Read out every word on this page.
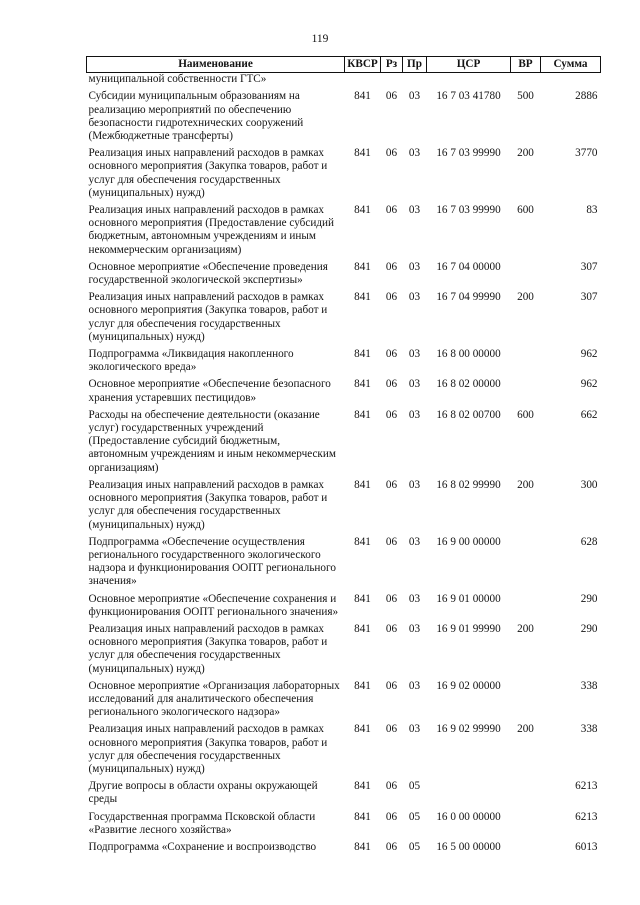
119
Наименование	КВСР	Рз	Пр	ЦСР	ВР	Сумма
муниципальной собственности ГТС»						
Субсидии муниципальным образованиям на реализацию мероприятий по обеспечению безопасности гидротехнических сооружений (Межбюджетные трансферты)	841	06	03	16 7 03 41780	500	2886
Реализация иных направлений расходов в рамках основного мероприятия (Закупка товаров, работ и услуг для обеспечения государственных (муниципальных) нужд)	841	06	03	16 7 03 99990	200	3770
Реализация иных направлений расходов в рамках основного мероприятия (Предоставление субсидий бюджетным, автономным учреждениям и иным некоммерческим организациям)	841	06	03	16 7 03 99990	600	83
Основное мероприятие «Обеспечение проведения государственной экологической экспертизы»	841	06	03	16 7 04 00000		307
Реализация иных направлений расходов в рамках основного мероприятия (Закупка товаров, работ и услуг для обеспечения государственных (муниципальных) нужд)	841	06	03	16 7 04 99990	200	307
Подпрограмма «Ликвидация накопленного экологического вреда»	841	06	03	16 8 00 00000		962
Основное мероприятие «Обеспечение безопасного хранения устаревших пестицидов»	841	06	03	16 8 02 00000		962
Расходы на обеспечение деятельности (оказание услуг) государственных учреждений (Предоставление субсидий бюджетным, автономным учреждениям и иным некоммерческим организациям)	841	06	03	16 8 02 00700	600	662
Реализация иных направлений расходов в рамках основного мероприятия (Закупка товаров, работ и услуг для обеспечения государственных (муниципальных) нужд)	841	06	03	16 8 02 99990	200	300
Подпрограмма «Обеспечение осуществления регионального государственного экологического надзора и функционирования ООПТ регионального значения»	841	06	03	16 9 00 00000		628
Основное мероприятие «Обеспечение сохранения и функционирования ООПТ регионального значения»	841	06	03	16 9 01 00000		290
Реализация иных направлений расходов в рамках основного мероприятия (Закупка товаров, работ и услуг для обеспечения государственных (муниципальных) нужд)	841	06	03	16 9 01 99990	200	290
Основное мероприятие «Организация лабораторных исследований для аналитического обеспечения регионального экологического надзора»	841	06	03	16 9 02 00000		338
Реализация иных направлений расходов в рамках основного мероприятия (Закупка товаров, работ и услуг для обеспечения государственных (муниципальных) нужд)	841	06	03	16 9 02 99990	200	338
Другие вопросы в области охраны окружающей среды	841	06	05			6213
Государственная программа Псковской области «Развитие лесного хозяйства»	841	06	05	16 0 00 00000		6213
Подпрограмма «Сохранение и воспроизводство	841	06	05	16 5 00 00000		6013
